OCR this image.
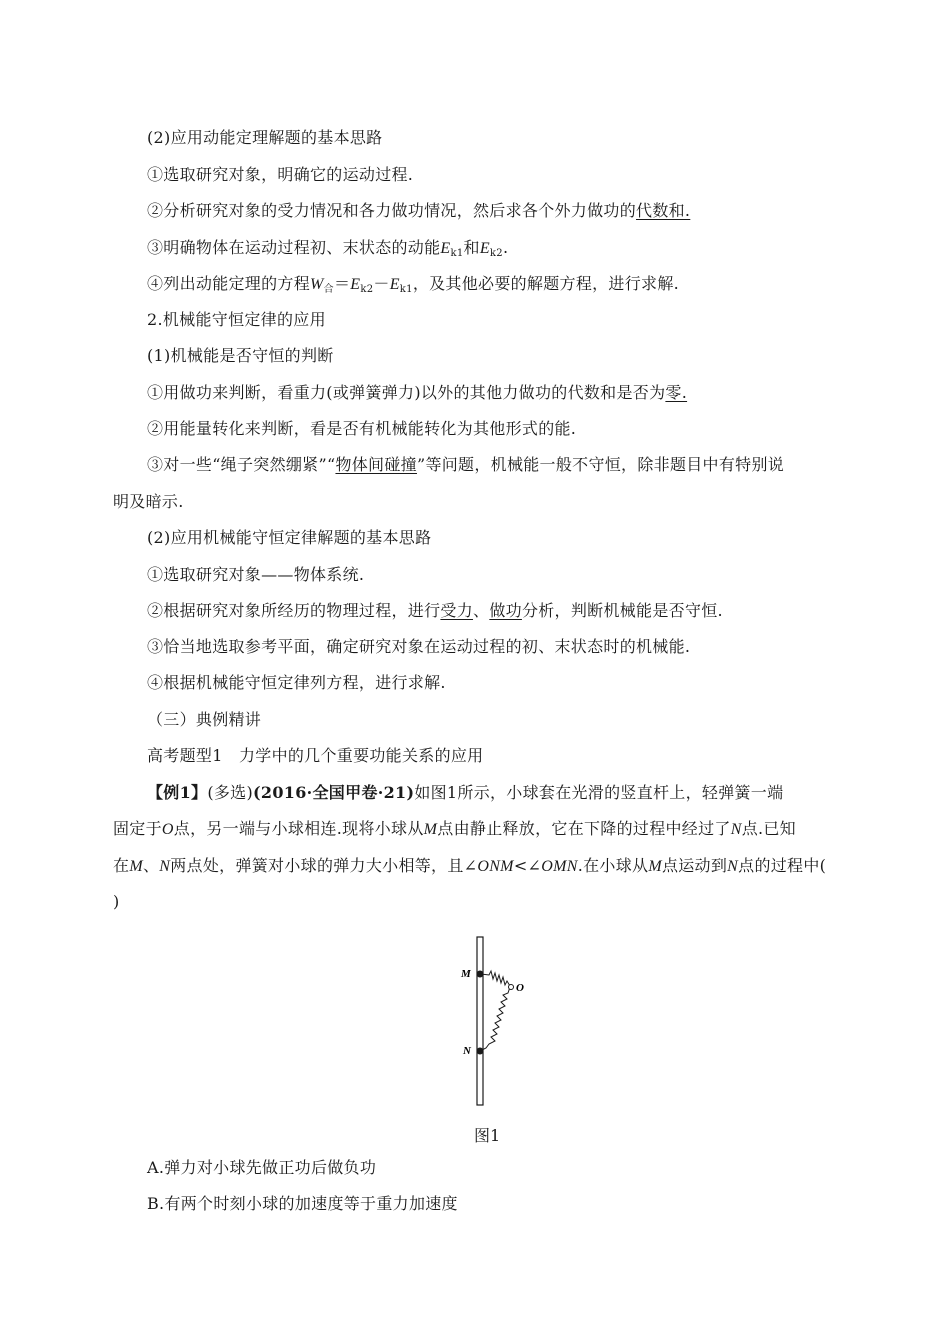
(2)应用动能定理解题的基本思路
①选取研究对象，明确它的运动过程.
②分析研究对象的受力情况和各力做功情况，然后求各个外力做功的代数和.
③明确物体在运动过程初、末状态的动能$E_{k1}$和$E_{k2}$.
④列出动能定理的方程$W_合=E_{k2}-E_{k1}$，及其他必要的解题方程，进行求解.
2.机械能守恒定律的应用
(1)机械能是否守恒的判断
①用做功来判断，看重力(或弹簧弹力)以外的其他力做功的代数和是否为零.
②用能量转化来判断，看是否有机械能转化为其他形式的能.
③对一些“绳子突然绷紧”“物体间碰撞”等问题，机械能一般不守恒，除非题目中有特别说
明及暗示.
(2)应用机械能守恒定律解题的基本思路
①选取研究对象——物体系统.
②根据研究对象所经历的物理过程，进行受力、做功分析，判断机械能是否守恒.
③恰当地选取参考平面，确定研究对象在运动过程的初、末状态时的机械能.
④根据机械能守恒定律列方程，进行求解.
（三）典例精讲
高考题型1　力学中的几个重要功能关系的应用
【例1】(多选)(2016·全国甲卷·21)如图1所示，小球套在光滑的竖直杆上，轻弹簧一端
固定于O点，另一端与小球相连.现将小球从M点由静止释放，它在下降的过程中经过了N点.已知
在M、N两点处，弹簧对小球的弹力大小相等，且∠ONM<∠OMN.在小球从M点运动到N点的过程中(
)
M
O
N
图1
A.弹力对小球先做正功后做负功
B.有两个时刻小球的加速度等于重力加速度
